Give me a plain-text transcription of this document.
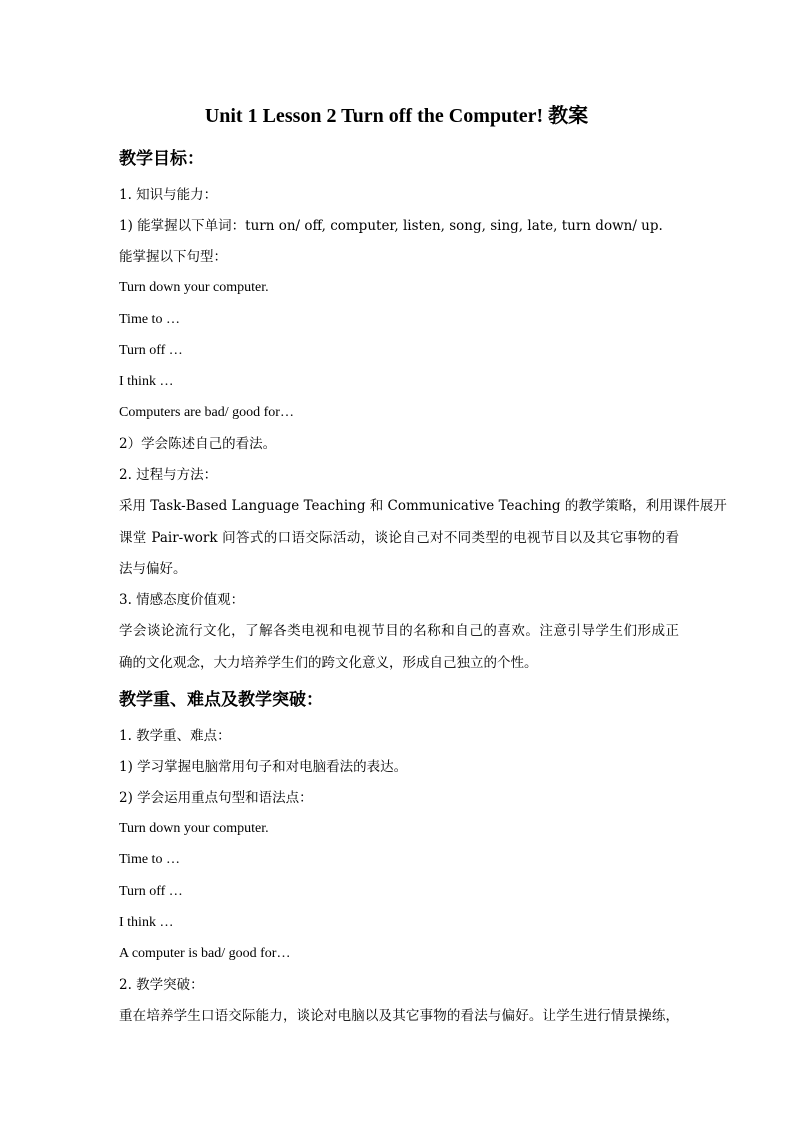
Unit 1 Lesson 2 Turn off the Computer! 教案
教学目标：
1. 知识与能力：
1) 能掌握以下单词：turn on/ off, computer, listen, song, sing, late, turn down/ up.
能掌握以下句型：
Turn down your computer.
Time to …
Turn off …
I think …
Computers are bad/ good for…
2）学会陈述自己的看法。
2. 过程与方法：
采用 Task-Based Language Teaching 和 Communicative Teaching 的教学策略，利用课件展开
课堂 Pair-work 问答式的口语交际活动，谈论自己对不同类型的电视节目以及其它事物的看
法与偏好。
3. 情感态度价值观：
学会谈论流行文化，了解各类电视和电视节目的名称和自己的喜欢。注意引导学生们形成正
确的文化观念，大力培养学生们的跨文化意义，形成自己独立的个性。
教学重、难点及教学突破：
1. 教学重、难点：
1) 学习掌握电脑常用句子和对电脑看法的表达。
2) 学会运用重点句型和语法点：
Turn down your computer.
Time to …
Turn off …
I think …
A computer is bad/ good for…
2. 教学突破：
重在培养学生口语交际能力，谈论对电脑以及其它事物的看法与偏好。让学生进行情景操练，
